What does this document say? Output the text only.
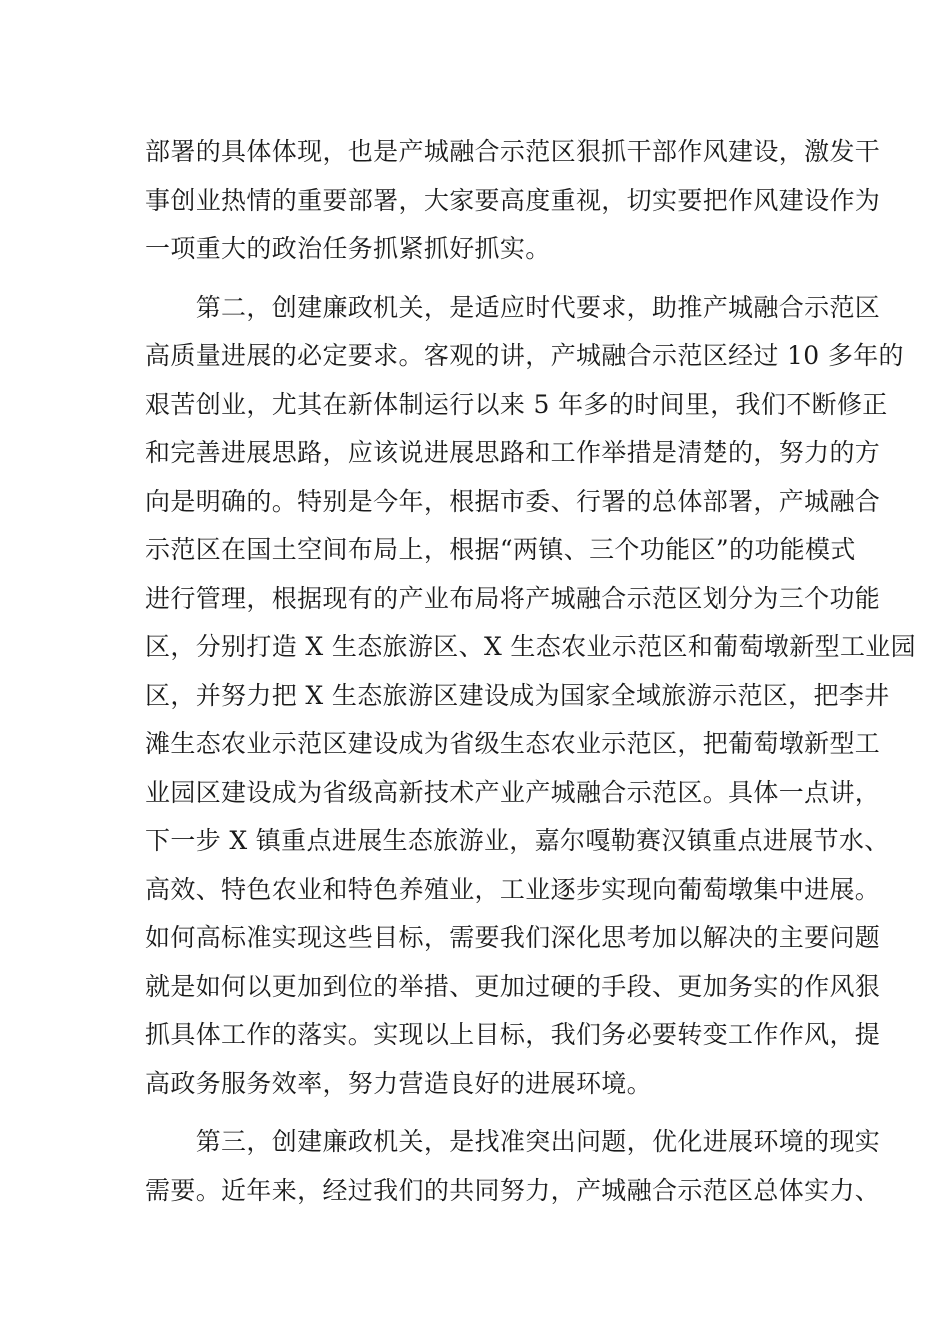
部署的具体体现，也是产城融合示范区狠抓干部作风建设，激发干
事创业热情的重要部署，大家要高度重视，切实要把作风建设作为
一项重大的政治任务抓紧抓好抓实。
　　第二，创建廉政机关，是适应时代要求，助推产城融合示范区
高质量进展的必定要求。客观的讲，产城融合示范区经过 10 多年的
艰苦创业，尤其在新体制运行以来 5 年多的时间里，我们不断修正
和完善进展思路，应该说进展思路和工作举措是清楚的，努力的方
向是明确的。特别是今年，根据市委、行署的总体部署，产城融合
示范区在国土空间布局上，根据“两镇、三个功能区”的功能模式
进行管理，根据现有的产业布局将产城融合示范区划分为三个功能
区，分别打造 X 生态旅游区、X 生态农业示范区和葡萄墩新型工业园
区，并努力把 X 生态旅游区建设成为国家全域旅游示范区，把李井
滩生态农业示范区建设成为省级生态农业示范区，把葡萄墩新型工
业园区建设成为省级高新技术产业产城融合示范区。具体一点讲，
下一步 X 镇重点进展生态旅游业，嘉尔嘎勒赛汉镇重点进展节水、
高效、特色农业和特色养殖业，工业逐步实现向葡萄墩集中进展。
如何高标准实现这些目标，需要我们深化思考加以解决的主要问题
就是如何以更加到位的举措、更加过硬的手段、更加务实的作风狠
抓具体工作的落实。实现以上目标，我们务必要转变工作作风，提
高政务服务效率，努力营造良好的进展环境。
　　第三，创建廉政机关，是找准突出问题，优化进展环境的现实
需要。近年来，经过我们的共同努力，产城融合示范区总体实力、
